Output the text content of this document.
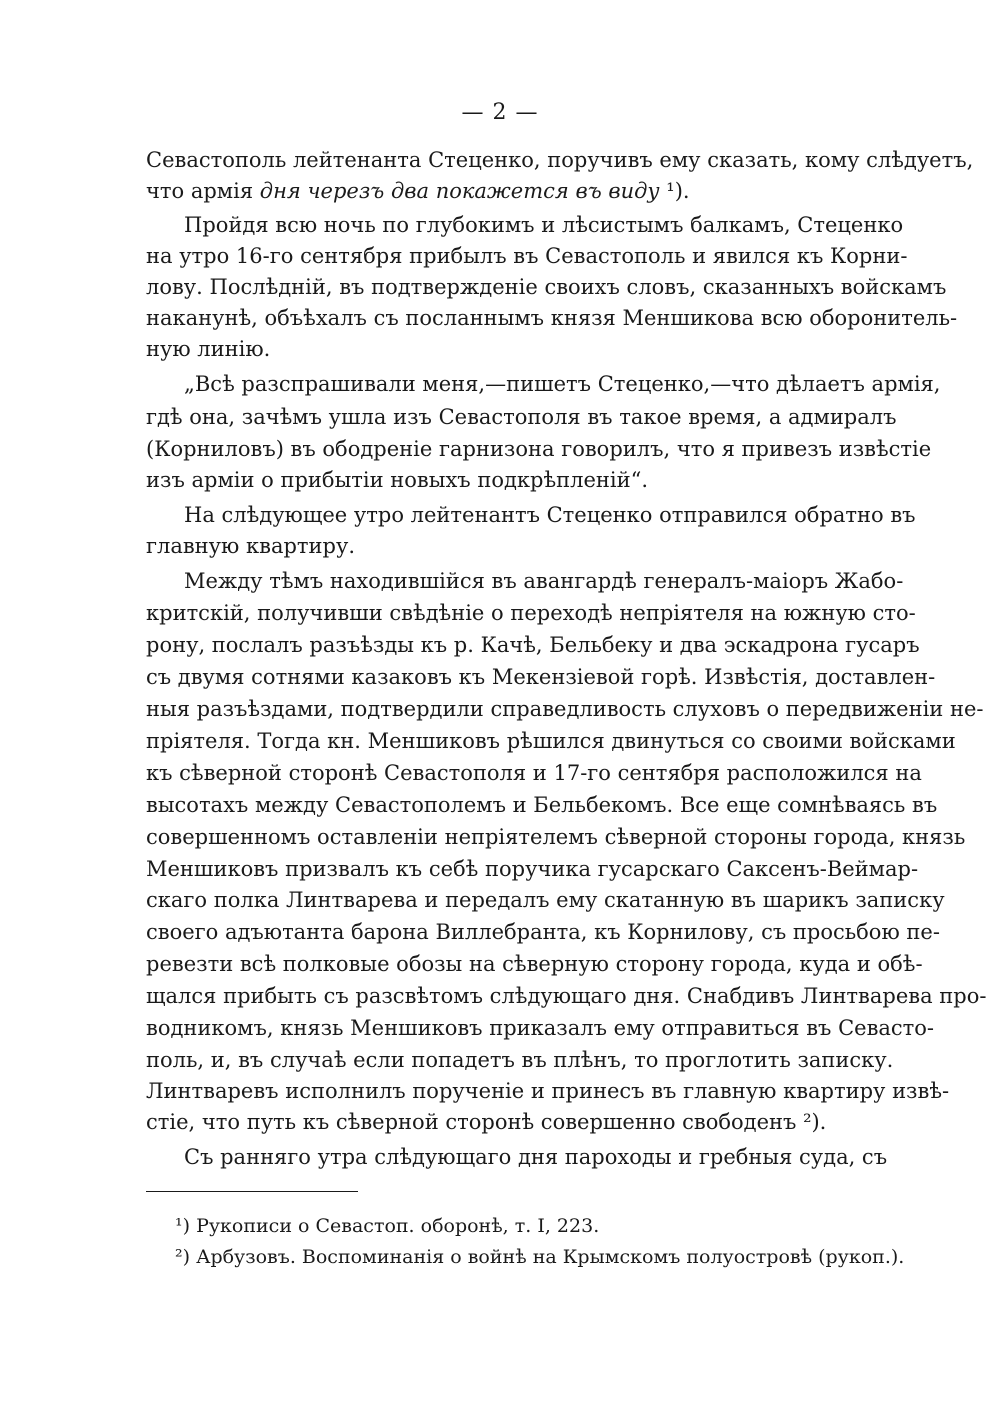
— 2 —
Севастополь лейтенанта Стеценко, поручивъ ему сказать, кому слѣдуетъ,
что армія дня черезъ два покажется въ виду ¹).
Пройдя всю ночь по глубокимъ и лѣсистымъ балкамъ, Стеценко
на утро 16-го сентября прибылъ въ Севастополь и явился къ Корни-
лову. Послѣдній, въ подтвержденіе своихъ словъ, сказанныхъ войскамъ
наканунѣ, объѣхалъ съ посланнымъ князя Меншикова всю оборонитель-
ную линію.
„Всѣ разспрашивали меня,—пишетъ Стеценко,—что дѣлаетъ армія,
гдѣ она, зачѣмъ ушла изъ Севастополя въ такое время, а адмиралъ
(Корниловъ) въ ободреніе гарнизона говорилъ, что я привезъ извѣстіе
изъ арміи о прибытіи новыхъ подкрѣпленій“.
На слѣдующее утро лейтенантъ Стеценко отправился обратно въ
главную квартиру.
Между тѣмъ находившійся въ авангардѣ генералъ-маіоръ Жабо-
критскій, получивши свѣдѣніе о переходѣ непріятеля на южную сто-
рону, послалъ разъѣзды къ р. Качѣ, Бельбеку и два эскадрона гусаръ
съ двумя сотнями казаковъ къ Мекензіевой горѣ. Извѣстія, доставлен-
ныя разъѣздами, подтвердили справедливость слуховъ о передвиженіи не-
пріятеля. Тогда кн. Меншиковъ рѣшился двинуться со своими войсками
къ сѣверной сторонѣ Севастополя и 17-го сентября расположился на
высотахъ между Севастополемъ и Бельбекомъ. Все еще сомнѣваясь въ
совершенномъ оставленіи непріятелемъ сѣверной стороны города, князь
Меншиковъ призвалъ къ себѣ поручика гусарскаго Саксенъ-Веймар-
скаго полка Линтварева и передалъ ему скатанную въ шарикъ записку
своего адъютанта барона Виллебранта, къ Корнилову, съ просьбою пе-
ревезти всѣ полковые обозы на сѣверную сторону города, куда и обѣ-
щался прибыть съ разсвѣтомъ слѣдующаго дня. Снабдивъ Линтварева про-
водникомъ, князь Меншиковъ приказалъ ему отправиться въ Севасто-
поль, и, въ случаѣ если попадетъ въ плѣнъ, то проглотить записку.
Линтваревъ исполнилъ порученіе и принесъ въ главную квартиру извѣ-
стіе, что путь къ сѣверной сторонѣ совершенно свободенъ ²).
Съ ранняго утра слѣдующаго дня пароходы и гребныя суда, съ
¹) Рукописи о Севастоп. оборонѣ, т. I, 223.
²) Арбузовъ. Воспоминанія о войнѣ на Крымскомъ полуостровѣ (рукоп.).
